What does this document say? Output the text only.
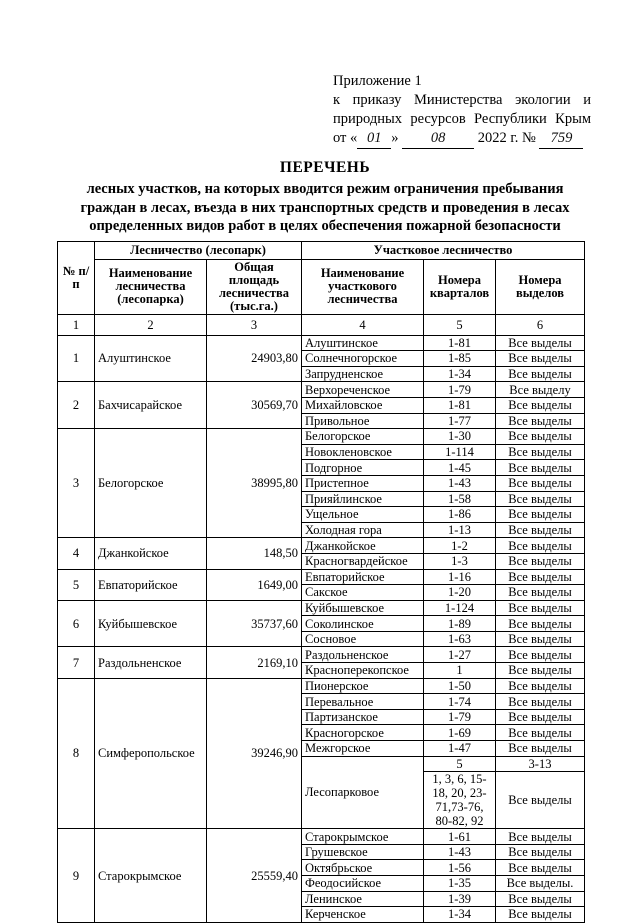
Приложение 1
к приказу Министерства экологии и
природных ресурсов Республики Крым
от « 01 » 08 2022 г. № 759
ПЕРЕЧЕНЬ
лесных участков, на которых вводится режим ограничения пребывания
граждан в лесах, въезда в них транспортных средств и проведения в лесах
определенных видов работ в целях обеспечения пожарной безопасности
№ п/п	Лесничество (лесопарк)		Участковое лесничество		
	Наименование лесничества (лесопарка)	Общая площадь лесничества (тыс.га.)	Наименование участкового лесничества	Номера кварталов	Номера выделов
1	2	3	4	5	6
1	Алуштинское	24903,80	Алуштинское	1-81	Все выделы
			Солнечногорское	1-85	Все выделы
			Запрудненское	1-34	Все выделы
2	Бахчисарайское	30569,70	Верхореченское	1-79	Все выделу
			Михайловское	1-81	Все выделы
			Привольное	1-77	Все выделы
3	Белогорское	38995,80	Белогорское	1-30	Все выделы
			Новокленовское	1-114	Все выделы
			Подгорное	1-45	Все выделы
			Пристепное	1-43	Все выделы
			Прияйлинское	1-58	Все выделы
			Ущельное	1-86	Все выделы
			Холодная гора	1-13	Все выделы
4	Джанкойское	148,50	Джанкойское	1-2	Все выделы
			Красногвардейское	1-3	Все выделы
5	Евпаторийское	1649,00	Евпаторийское	1-16	Все выделы
			Сакское	1-20	Все выделы
6	Куйбышевское	35737,60	Куйбышевское	1-124	Все выделы
			Соколинское	1-89	Все выделы
			Сосновое	1-63	Все выделы
7	Раздольненское	2169,10	Раздольненское	1-27	Все выделы
			Красноперекопское	1	Все выделы
8	Симферопольское	39246,90	Пионерское	1-50	Все выделы
			Перевальное	1-74	Все выделы
			Партизанское	1-79	Все выделы
			Красногорское	1-69	Все выделы
			Межгорское	1-47	Все выделы
			Лесопарковое	5	3-13
				1, 3, 6, 15-18, 20, 23-71,73-76, 80-82, 92	Все выделы
9	Старокрымское	25559,40	Старокрымское	1-61	Все выделы
			Грушевское	1-43	Все выделы
			Октябрьское	1-56	Все выделы
			Феодосийское	1-35	Все выделы.
			Ленинское	1-39	Все выделы
			Керченское	1-34	Все выделы
